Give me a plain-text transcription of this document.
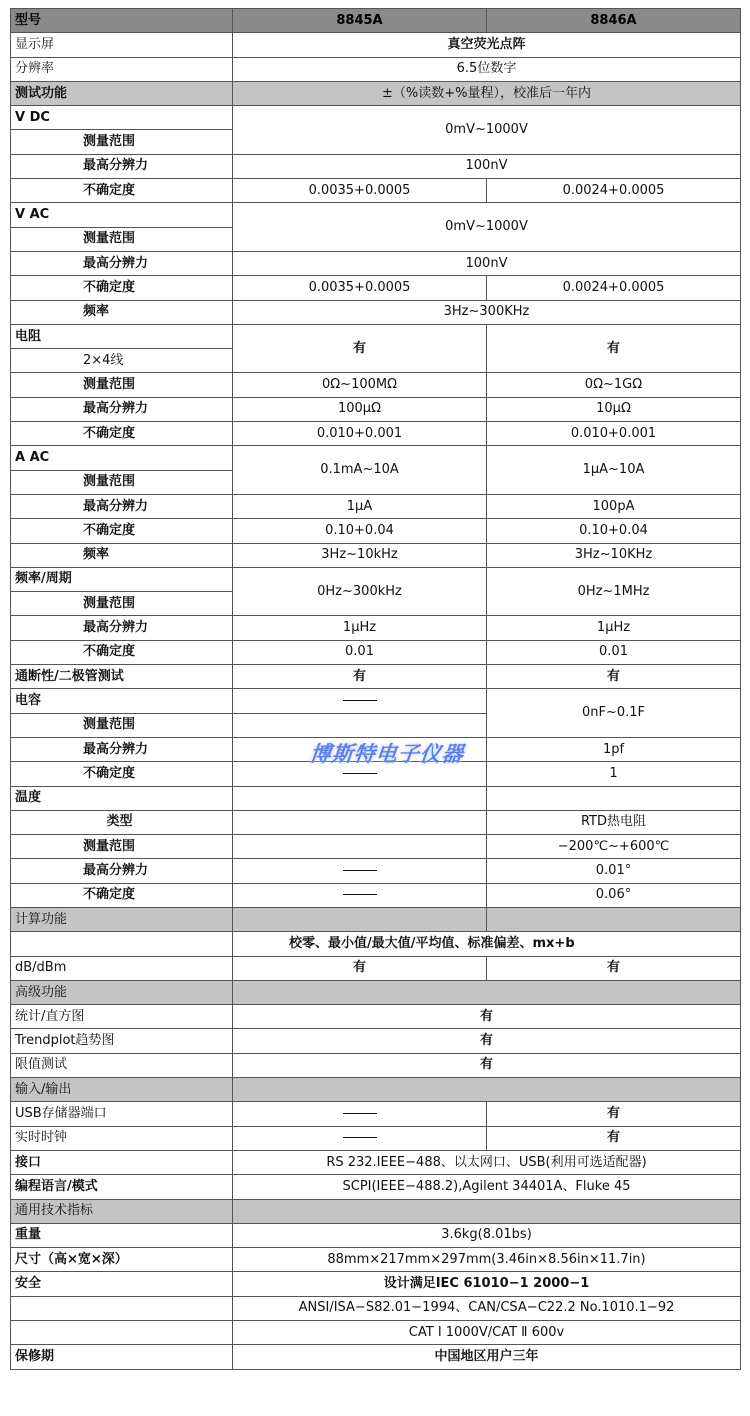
型号	8845A	8846A
显示屏	真空荧光点阵	
分辨率	6.5位数字	
测试功能	±（%读数+%量程），校准后一年内	
V DC	0mV~1000V	
测量范围		
最高分辨力	100nV	
不确定度	0.0035+0.0005	0.0024+0.0005
V AC	0mV~1000V	
测量范围		
最高分辨力	100nV	
不确定度	0.0035+0.0005	0.0024+0.0005
频率	3Hz~300KHz	
电阻	有	有
2×4线		
测量范围	0Ω~100MΩ	0Ω~1GΩ
最高分辨力	100μΩ	10μΩ
不确定度	0.010+0.001	0.010+0.001
A AC	0.1mA~10A	1μA~10A
测量范围		
最高分辨力	1μA	100pA
不确定度	0.10+0.04	0.10+0.04
频率	3Hz~10kHz	3Hz~10KHz
频率/周期	0Hz~300kHz	0Hz~1MHz
测量范围		
最高分辨力	1μHz	1μHz
不确定度	0.01	0.01
通断性/二极管测试	有	有
电容		0nF~0.1F
测量范围		
最高分辨力		1pf
不确定度		1
温度		
类型		RTD热电阻
测量范围		−200℃~+600℃
最高分辨力		0.01°
不确定度		0.06°
计算功能		
	校零、最小值/最大值/平均值、标准偏差、mx+b	
dB/dBm	有	有
高级功能		
统计/直方图	有	
Trendplot趋势图	有	
限值测试	有	
输入/输出		
USB存储器端口		有
实时时钟		有
接口	RS 232.IEEE−488、以太网口、USB(利用可选适配器)	
编程语言/模式	SCPI(IEEE−488.2),Agilent 34401A、Fluke 45	
通用技术指标		
重量	3.6kg(8.01bs)	
尺寸（高×宽×深）	88mm×217mm×297mm(3.46in×8.56in×11.7in)	
安全	设计满足IEC 61010−1 2000−1	
	ANSI/ISA−S82.01−1994、CAN/CSA−C22.2 No.1010.1−92	
	CAT Ⅰ 1000V/CAT Ⅱ 600v	
保修期	中国地区用户三年	
博斯特电子仪器
